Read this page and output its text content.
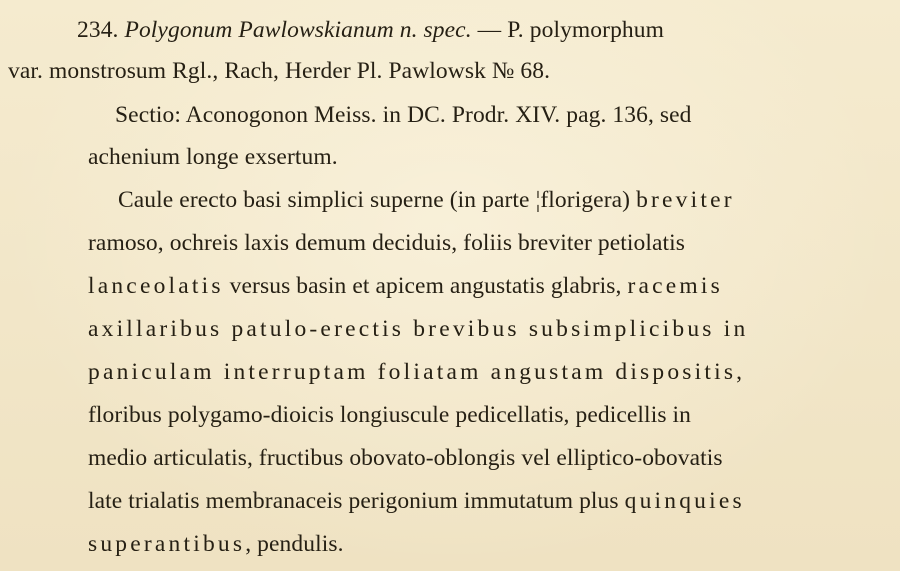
234. Polygonum Pawlowskianum n. spec. — P. polymorphum
var. monstrosum Rgl., Rach, Herder Pl. Pawlowsk № 68.
Sectio: Aconogonon Meiss. in DC. Prodr. XIV. pag. 136, sed
achenium longe exsertum.
Caule erecto basi simplici superne (in parte ¦florigera) breviter
ramoso, ochreis laxis demum deciduis, foliis breviter petiolatis
lanceolatis versus basin et apicem angustatis glabris, racemis
axillaribus patulo-erectis brevibus subsimplicibus in
paniculam interruptam foliatam angustam dispositis,
floribus polygamo-dioicis longiuscule pedicellatis, pedicellis in
medio articulatis, fructibus obovato-oblongis vel elliptico-obovatis
late trialatis membranaceis perigonium immutatum plus quinquies
superantibus, pendulis.
